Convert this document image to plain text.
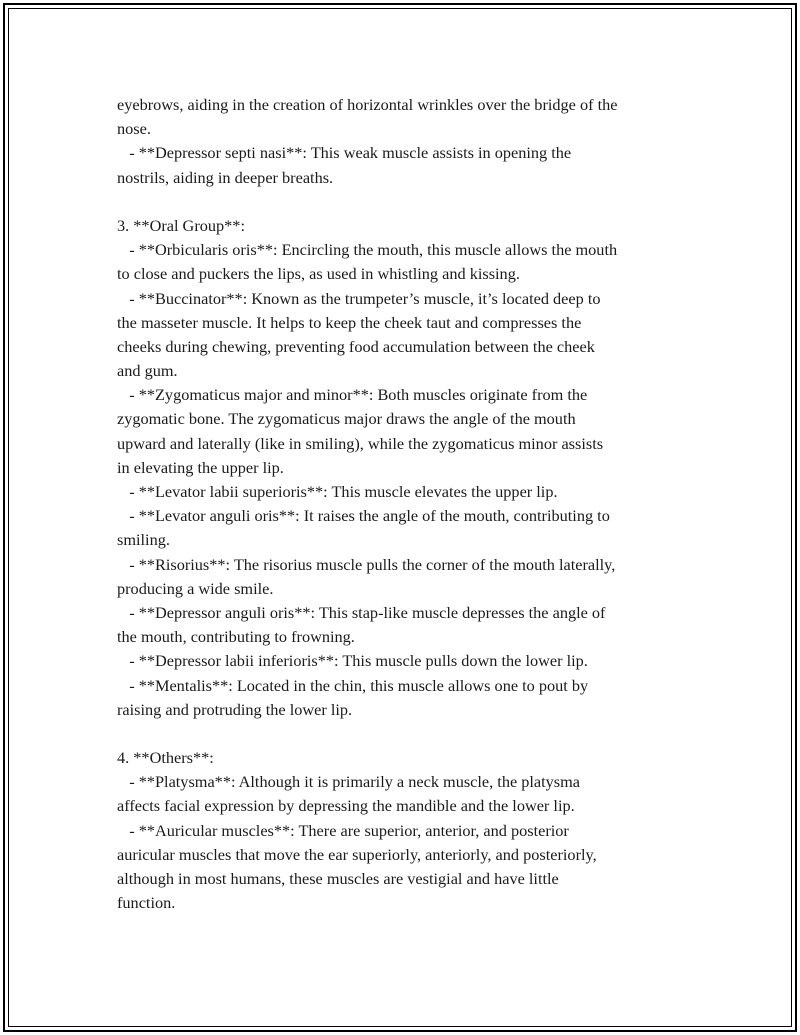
eyebrows, aiding in the creation of horizontal wrinkles over the bridge of the
nose.
- **Depressor septi nasi**: This weak muscle assists in opening the
nostrils, aiding in deeper breaths.
3. **Oral Group**:
- **Orbicularis oris**: Encircling the mouth, this muscle allows the mouth
to close and puckers the lips, as used in whistling and kissing.
- **Buccinator**: Known as the trumpeter’s muscle, it’s located deep to
the masseter muscle. It helps to keep the cheek taut and compresses the
cheeks during chewing, preventing food accumulation between the cheek
and gum.
- **Zygomaticus major and minor**: Both muscles originate from the
zygomatic bone. The zygomaticus major draws the angle of the mouth
upward and laterally (like in smiling), while the zygomaticus minor assists
in elevating the upper lip.
- **Levator labii superioris**: This muscle elevates the upper lip.
- **Levator anguli oris**: It raises the angle of the mouth, contributing to
smiling.
- **Risorius**: The risorius muscle pulls the corner of the mouth laterally,
producing a wide smile.
- **Depressor anguli oris**: This stap-like muscle depresses the angle of
the mouth, contributing to frowning.
- **Depressor labii inferioris**: This muscle pulls down the lower lip.
- **Mentalis**: Located in the chin, this muscle allows one to pout by
raising and protruding the lower lip.
4. **Others**:
- **Platysma**: Although it is primarily a neck muscle, the platysma
affects facial expression by depressing the mandible and the lower lip.
- **Auricular muscles**: There are superior, anterior, and posterior
auricular muscles that move the ear superiorly, anteriorly, and posteriorly,
although in most humans, these muscles are vestigial and have little
function.
